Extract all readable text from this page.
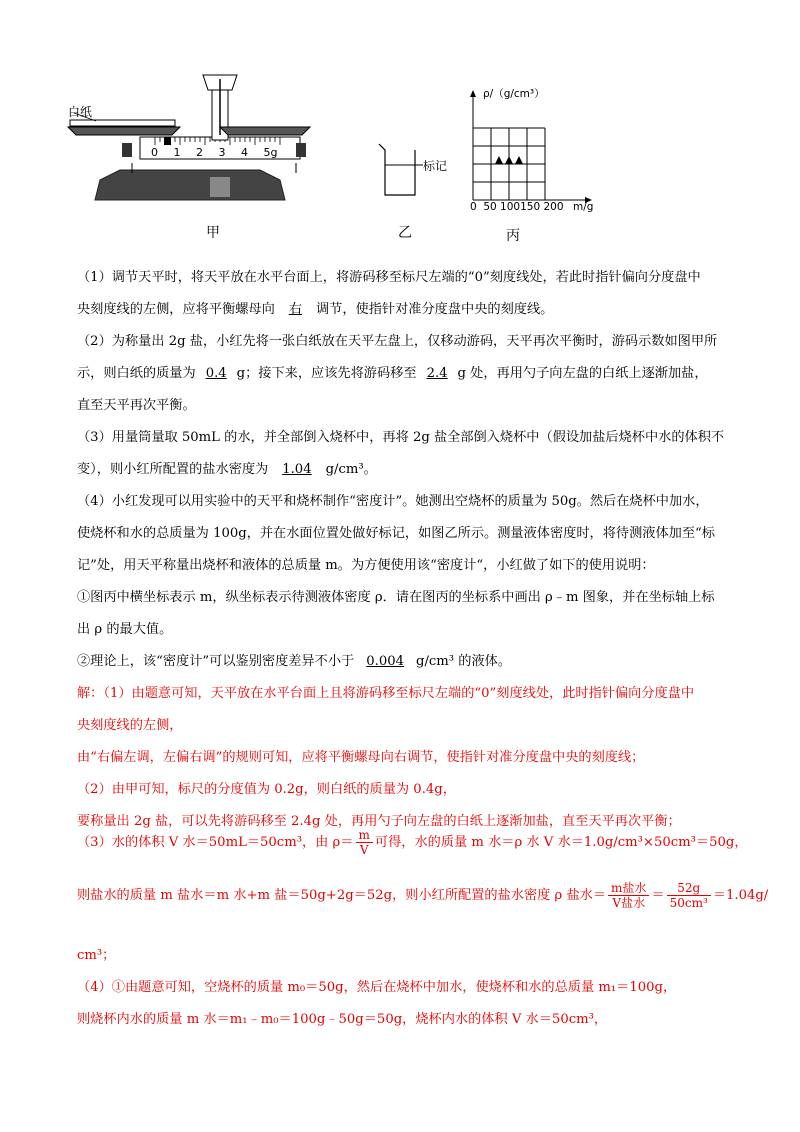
白纸
0 1 2 3 4 5g
甲
标记
乙
ρ/（g/cm³）
0  50 100150 200 m/g
丙
（1）调节天平时，将天平放在水平台面上，将游码移至标尺左端的“0”刻度线处，若此时指针偏向分度盘中
央刻度线的左侧，应将平衡螺母向 右 调节，使指针对准分度盘中央的刻度线。
（2）为称量出 2g 盐，小红先将一张白纸放在天平左盘上，仅移动游码，天平再次平衡时，游码示数如图甲所
示，则白纸的质量为 0.4 g；接下来，应该先将游码移至 2.4 g 处，再用勺子向左盘的白纸上逐渐加盐，
直至天平再次平衡。
（3）用量筒量取 50mL 的水，并全部倒入烧杯中，再将 2g 盐全部倒入烧杯中（假设加盐后烧杯中水的体积不
变），则小红所配置的盐水密度为 1.04 g/cm³。
（4）小红发现可以用实验中的天平和烧杯制作“密度计”。她测出空烧杯的质量为 50g。然后在烧杯中加水，
使烧杯和水的总质量为 100g，并在水面位置处做好标记，如图乙所示。测量液体密度时，将待测液体加至“标
记”处，用天平称量出烧杯和液体的总质量 m。为方便使用该“密度计“，小红做了如下的使用说明：
①图丙中横坐标表示 m，纵坐标表示待测液体密度 ρ．请在图丙的坐标系中画出 ρ﹣m 图象，并在坐标轴上标
出 ρ 的最大值。
②理论上，该“密度计”可以鉴别密度差异不小于 0.004 g/cm³ 的液体。
解：（1）由题意可知，天平放在水平台面上且将游码移至标尺左端的“0”刻度线处，此时指针偏向分度盘中
央刻度线的左侧，
由“右偏左调，左偏右调”的规则可知，应将平衡螺母向右调节，使指针对准分度盘中央的刻度线；
（2）由甲可知，标尺的分度值为 0.2g，则白纸的质量为 0.4g，
要称量出 2g 盐，可以先将游码移至 2.4g 处，再用勺子向左盘的白纸上逐渐加盐，直至天平再次平衡；
（3）水的体积 V 水＝50mL＝50cm³，由 $\rho= \frac{m}{V}$ 可得，水的质量 m 水＝ρ 水 V 水＝1.0g/cm³×50cm³＝50g，
则盐水的质量 m 盐水＝m 水+m 盐＝50g+2g＝52g，则小红所配置的盐水密度 ρ 盐水＝ $\frac{\text{m盐水}}{\text{V盐水}} = \frac{52g}{\text{50cm³}} =1.04g/$
cm³；
（4）①由题意可知，空烧杯的质量 m₀＝50g，然后在烧杯中加水，使烧杯和水的总质量 m₁＝100g，
则烧杯内水的质量 m 水＝m₁﹣m₀＝100g﹣50g＝50g，烧杯内水的体积 V 水＝50cm³，
